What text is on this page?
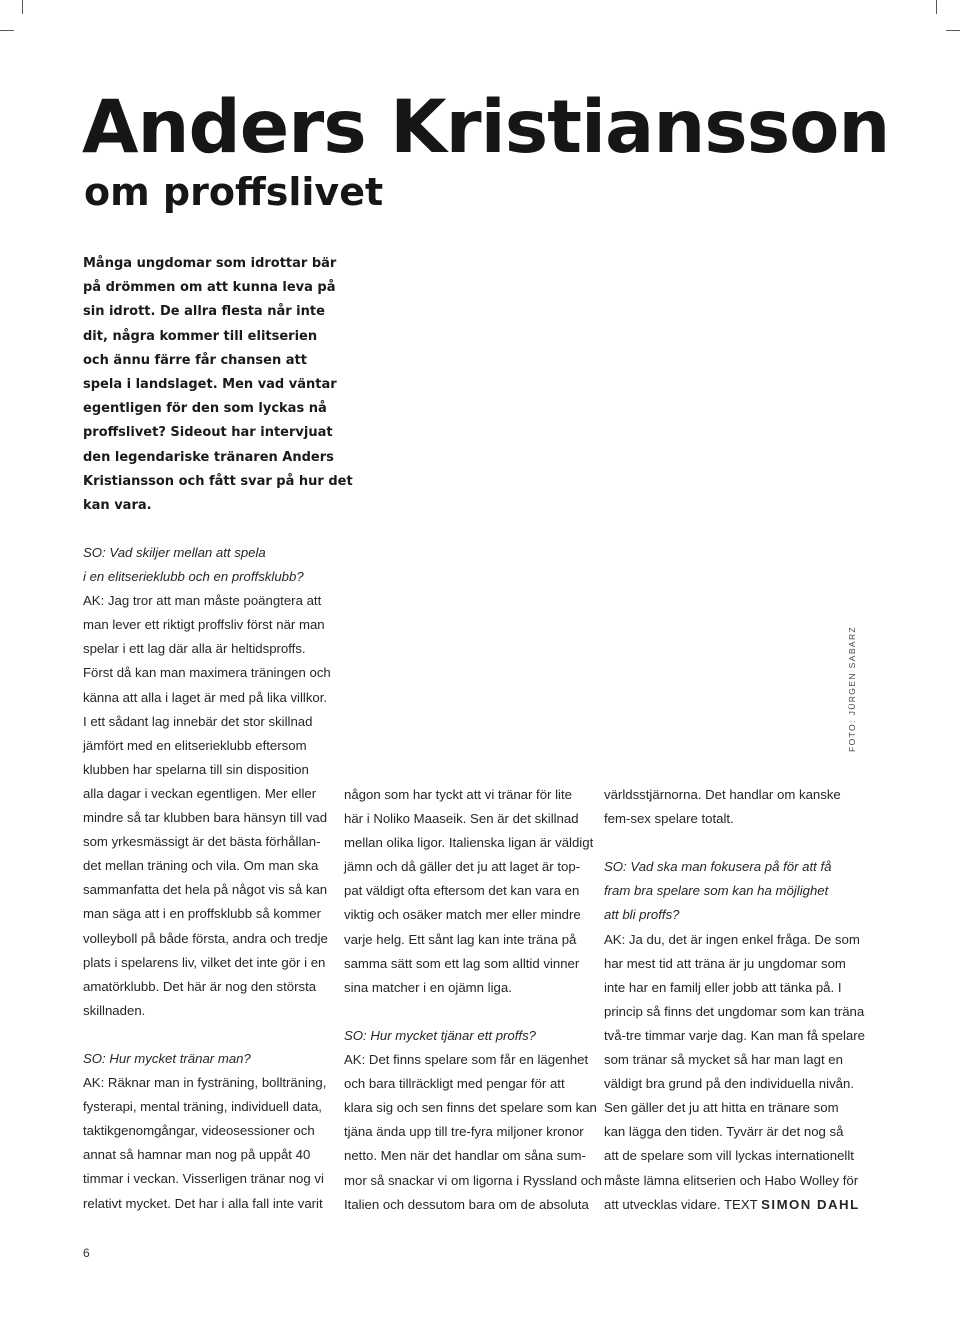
Anders Kristiansson
om proffslivet
Många ungdomar som idrottar bär
på drömmen om att kunna leva på
sin idrott. De allra flesta når inte
dit, några kommer till elitserien
och ännu färre får chansen att
spela i landslaget. Men vad väntar
egentligen för den som lyckas nå
proffslivet? Sideout har intervjuat
den legendariske tränaren Anders
Kristiansson och fått svar på hur det
kan vara.
SO: Vad skiljer mellan att spela
i en elitserieklubb och en proffsklubb?
AK: Jag tror att man måste poängtera att
man lever ett riktigt proffsliv först när man
spelar i ett lag där alla är heltidsproffs.
Först då kan man maximera träningen och
känna att alla i laget är med på lika villkor.
I ett sådant lag innebär det stor skillnad
jämfört med en elitserieklubb eftersom
klubben har spelarna till sin disposition
alla dagar i veckan egentligen. Mer eller
mindre så tar klubben bara hänsyn till vad
som yrkesmässigt är det bästa förhållan-
det mellan träning och vila. Om man ska
sammanfatta det hela på något vis så kan
man säga att i en proffsklubb så kommer
volleyboll på både första, andra och tredje
plats i spelarens liv, vilket det inte gör i en
amatörklubb. Det här är nog den största
skillnaden.
SO: Hur mycket tränar man?
AK: Räknar man in fysträning, bollträning,
fysterapi, mental träning, individuell data,
taktikgenomgångar, videosessioner och
annat så hamnar man nog på uppåt 40
timmar i veckan. Visserligen tränar nog vi
relativt mycket. Det har i alla fall inte varit
någon som har tyckt att vi tränar för lite
här i Noliko Maaseik. Sen är det skillnad
mellan olika ligor. Italienska ligan är väldigt
jämn och då gäller det ju att laget är top-
pat väldigt ofta eftersom det kan vara en
viktig och osäker match mer eller mindre
varje helg. Ett sånt lag kan inte träna på
samma sätt som ett lag som alltid vinner
sina matcher i en ojämn liga.
SO: Hur mycket tjänar ett proffs?
AK: Det finns spelare som får en lägenhet
och bara tillräckligt med pengar för att
klara sig och sen finns det spelare som kan
tjäna ända upp till tre-fyra miljoner kronor
netto. Men när det handlar om såna sum-
mor så snackar vi om ligorna i Ryssland och
Italien och dessutom bara om de absoluta
världsstjärnorna. Det handlar om kanske
fem-sex spelare totalt.
SO: Vad ska man fokusera på för att få
fram bra spelare som kan ha möjlighet
att bli proffs?
AK: Ja du, det är ingen enkel fråga. De som
har mest tid att träna är ju ungdomar som
inte har en familj eller jobb att tänka på. I
princip så finns det ungdomar som kan träna
två-tre timmar varje dag. Kan man få spelare
som tränar så mycket så har man lagt en
väldigt bra grund på den individuella nivån.
Sen gäller det ju att hitta en tränare som
kan lägga den tiden. Tyvärr är det nog så
att de spelare som vill lyckas internationellt
måste lämna elitserien och Habo Wolley för
att utvecklas vidare. TEXT SIMON DAHL
FOTO: JÜRGEN SABARZ
6
